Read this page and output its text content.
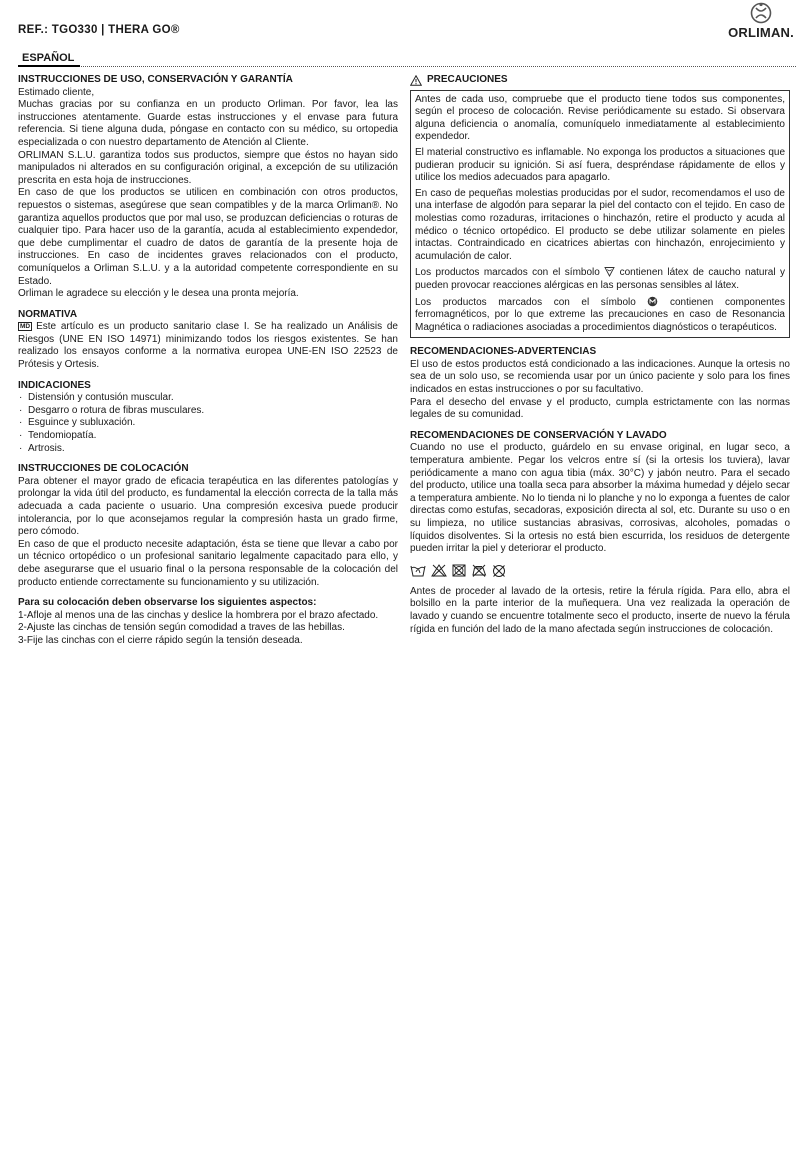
REF.: TGO330 | THERA GO®	ORLIMAN.
ESPAÑOL
INSTRUCCIONES DE USO, CONSERVACIÓN Y GARANTÍA

Estimado cliente,

Muchas gracias por su confianza en un producto Orliman. Por favor, lea las instrucciones atentamente. Guarde estas instrucciones y el envase para futura referencia. Si tiene alguna duda, póngase en contacto con su médico, su ortopedia especializada o con nuestro departamento de Atención al Cliente.

ORLIMAN S.L.U. garantiza todos sus productos, siempre que éstos no hayan sido manipulados ni alterados en su configuración original, a excepción de su utilización prescrita en esta hoja de instrucciones.

En caso de que los productos se utilicen en combinación con otros productos, repuestos o sistemas, asegúrese que sean compatibles y de la marca Orliman®. No garantiza aquellos productos que por mal uso, se produzcan deficiencias o roturas de cualquier tipo. Para hacer uso de la garantía, acuda al establecimiento expendedor, que debe cumplimentar el cuadro de datos de garantía de la presente hoja de instrucciones. En caso de incidentes graves relacionados con el producto, comuníquelos a Orliman S.L.U. y a la autoridad competente correspondiente en su Estado.

Orliman le agradece su elección y le desea una pronta mejoría.

NORMATIVA

MD Este artículo es un producto sanitario clase I. Se ha realizado un Análisis de Riesgos (UNE EN ISO 14971) minimizando todos los riesgos existentes. Se han realizado los ensayos conforme a la normativa europea UNE-EN ISO 22523 de Prótesis y Ortesis.

INDICACIONES
· Distensión y contusión muscular.
· Desgarro o rotura de fibras musculares.
· Esguince y subluxación.
· Tendomiopatía.
· Artrosis.
INSTRUCCIONES DE COLOCACIÓN

Para obtener el mayor grado de eficacia terapéutica en las diferentes patologías y prolongar la vida útil del producto, es fundamental la elección correcta de la talla más adecuada a cada paciente o usuario. Una compresión excesiva puede producir intolerancia, por lo que aconsejamos regular la compresión hasta un grado firme, pero cómodo.

En caso de que el producto necesite adaptación, ésta se tiene que llevar a cabo por un técnico ortopédico o un profesional sanitario legalmente capacitado para ello, y debe asegurarse que el usuario final o la persona responsable de la colocación del producto entiende correctamente su funcionamiento y su utilización.

Para su colocación deben observarse los siguientes aspectos:

1-Afloje al menos una de las cinchas y deslice la hombrera por el brazo afectado.

2-Ajuste las cinchas de tensión según comodidad a traves de las hebillas.

3-Fije las cinchas con el cierre rápido según la tensión deseada.

PRECAUCIONES

Antes de cada uso, compruebe que el producto tiene todos sus componentes, según el proceso de colocación. Revise periódicamente su estado. Si observara alguna deficiencia o anomalía, comuníquelo inmediatamente al establecimiento expendedor.

El material constructivo es inflamable. No exponga los productos a situaciones que pudieran producir su ignición. Si así fuera, despréndase rápidamente de ellos y utilice los medios adecuados para apagarlo.

En caso de pequeñas molestias producidas por el sudor, recomendamos el uso de una interfase de algodón para separar la piel del contacto con el tejido. En caso de molestias como rozaduras, irritaciones o hinchazón, retire el producto y acuda al médico o técnico ortopédico. El producto se debe utilizar solamente en pieles intactas. Contraindicado en cicatrices abiertas con hinchazón, enrojecimiento y acumulación de calor.

Los productos marcados con el símbolo contienen látex de caucho natural y pueden provocar reacciones alérgicas en las personas sensibles al látex.

Los productos marcados con el símbolo	contienen componentes ferromagnéticos, por lo que extreme las precauciones en caso de Resonancia Magnética o radiaciones asociadas a procedimientos diagnósticos o terapéuticos.

RECOMENDACIONES-ADVERTENCIAS

El uso de estos productos está condicionado a las indicaciones. Aunque la ortesis no sea de un solo uso, se recomienda usar por un único paciente y solo para los fines indicados en estas instrucciones o por su facultativo.

Para el desecho del envase y el producto, cumpla estrictamente con las normas legales de su comunidad.

RECOMENDACIONES DE CONSERVACIÓN Y LAVADO

Cuando no use el producto, guárdelo en su envase original, en lugar seco, a temperatura ambiente. Pegar los velcros entre sí (si la ortesis los tuviera), lavar periódicamente a mano con agua tibia (máx. 30°C) y jabón neutro. Para el secado del producto, utilice una toalla seca para absorber la máxima humedad y déjelo secar a temperatura ambiente. No lo tienda ni lo planche y no lo exponga a fuentes de calor directas como estufas, secadoras, exposición directa al sol, etc. Durante su uso o en su limpieza, no utilice sustancias abrasivas, corrosivas, alcoholes, pomadas o líquidos disolventes. Si la ortesis no está bien escurrida, los residuos de detergente pueden irritar la piel y deteriorar el producto.

Antes de proceder al lavado de la ortesis, retire la férula rígida. Para ello, abra el bolsillo en la parte interior de la muñequera. Una vez realizada la operación de lavado y cuando se encuentre totalmente seco el producto, inserte de nuevo la férula rígida en función del lado de la mano afectada según instrucciones de colocación.
